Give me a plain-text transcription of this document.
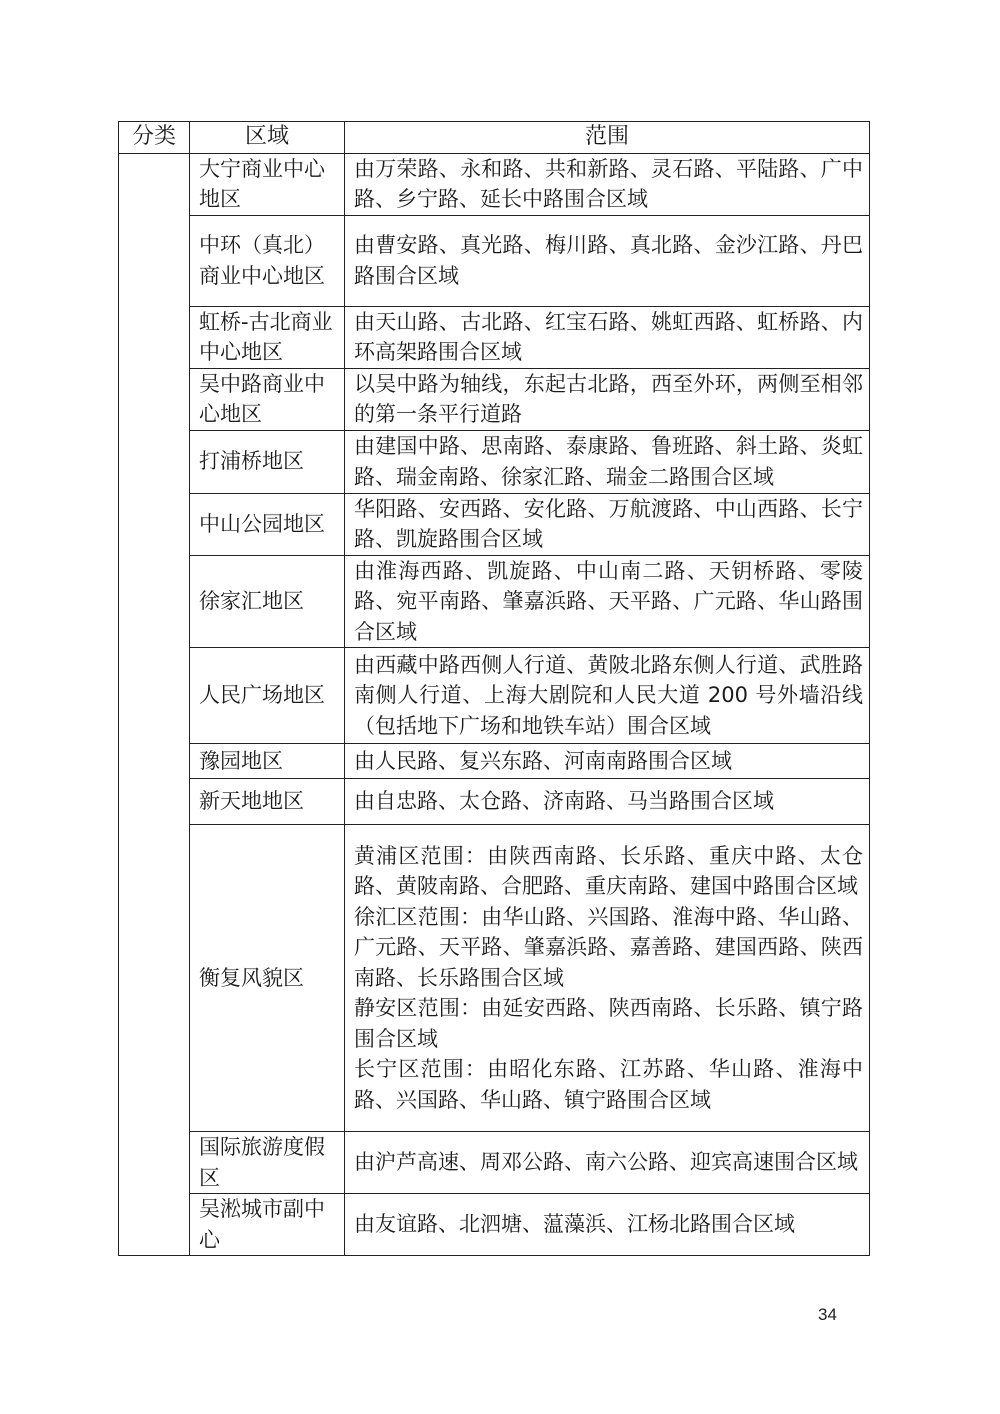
分类	区域	范围
	大宁商业中心地区	由万荣路、永和路、共和新路、灵石路、平陆路、广中路、乡宁路、延长中路围合区域

	中环（真北）商业中心地区	由曹安路、真光路、梅川路、真北路、金沙江路、丹巴路围合区域

	虹桥-古北商业中心地区	由天山路、古北路、红宝石路、姚虹西路、虹桥路、内环高架路围合区域

	吴中路商业中心地区	以吴中路为轴线，东起古北路，西至外环，两侧至相邻的第一条平行道路

	打浦桥地区	由建国中路、思南路、泰康路、鲁班路、斜土路、炎虹路、瑞金南路、徐家汇路、瑞金二路围合区域

	中山公园地区	华阳路、安西路、安化路、万航渡路、中山西路、长宁路、凯旋路围合区域

	徐家汇地区	由淮海西路、凯旋路、中山南二路、天钥桥路、零陵路、宛平南路、肇嘉浜路、天平路、广元路、华山路围合区域

	人民广场地区	由西藏中路西侧人行道、黄陂北路东侧人行道、武胜路南侧人行道、上海大剧院和人民大道 200 号外墙沿线（包括地下广场和地铁车站）围合区域

	豫园地区	由人民路、复兴东路、河南南路围合区域

	新天地地区	由自忠路、太仓路、济南路、马当路围合区域

	衡复风貌区	黄浦区范围：由陕西南路、长乐路、重庆中路、太仓路、黄陂南路、合肥路、重庆南路、建国中路围合区域
徐汇区范围：由华山路、兴国路、淮海中路、华山路、广元路、天平路、肇嘉浜路、嘉善路、建国西路、陕西南路、长乐路围合区域
静安区范围：由延安西路、陕西南路、长乐路、镇宁路围合区域
长宁区范围：由昭化东路、江苏路、华山路、淮海中路、兴国路、华山路、镇宁路围合区域

	国际旅游度假区	由沪芦高速、周邓公路、南六公路、迎宾高速围合区域

	吴淞城市副中心	由友谊路、北泗塘、蕰藻浜、江杨北路围合区域
34
